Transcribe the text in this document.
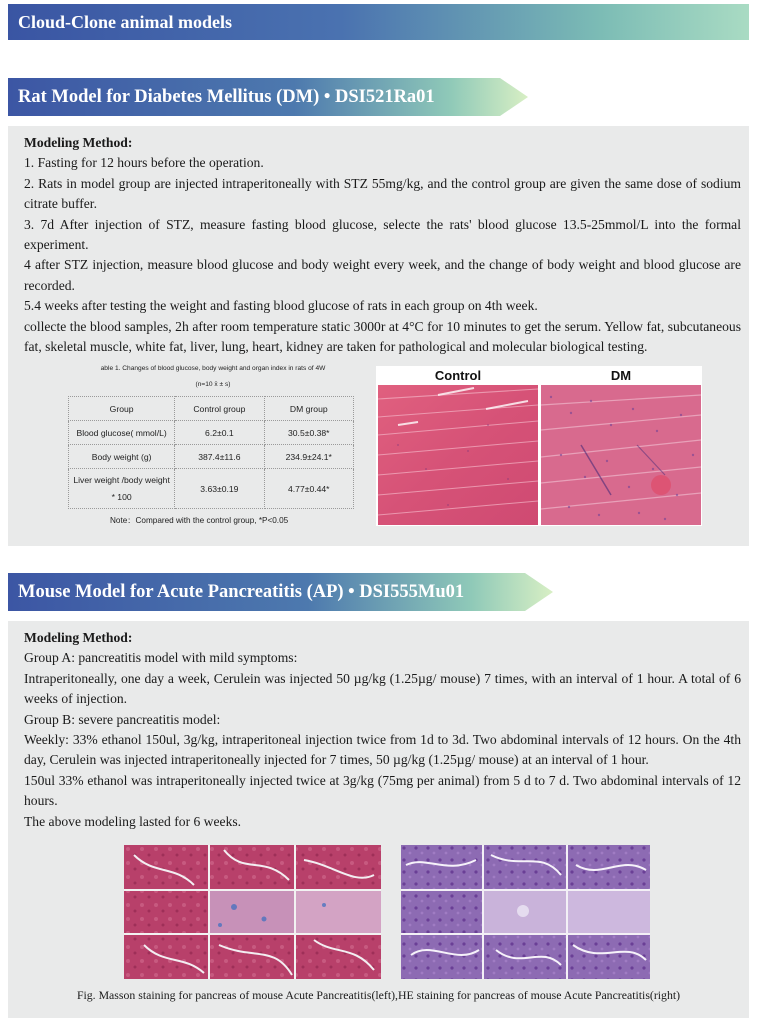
Cloud-Clone animal models
Rat Model for Diabetes Mellitus (DM) • DSI521Ra01

Modeling Method:

1. Fasting for 12 hours before the operation.

2. Rats in model group are injected intraperitoneally with STZ 55mg/kg, and the control group are given the same dose of sodium citrate buffer.

3. 7d After injection of STZ, measure fasting blood glucose, selecte the rats' blood glucose 13.5-25mmol/L into the formal experiment.

4 after STZ injection, measure blood glucose and body weight every week, and the change of body weight and blood glucose are recorded.

5.4 weeks after testing the weight and fasting blood glucose of rats in each group on 4th week.

collecte the blood samples, 2h after room temperature static 3000r at 4°C for 10 minutes to get the serum. Yellow fat, subcutaneous fat, skeletal muscle, white fat, liver, lung, heart, kidney are taken for pathological and molecular biological testing.

able 1. Changes of blood glucose, body weight and organ index in rats of 4W
(n=10 x̄ ± s)
Group	Control group	DM group
Blood glucose( mmol/L)	6.2±0.1	30.5±0.38*
Body weight (g)	387.4±11.6	234.9±24.1*
Liver weight /body weight * 100	3.63±0.19	4.77±0.44*
Note：Compared with the control group, *P<0.05
Control	DM
Mouse Model for Acute Pancreatitis (AP) • DSI555Mu01

Modeling Method:

Group A: pancreatitis model with mild symptoms:

Intraperitoneally, one day a week, Cerulein was injected 50 µg/kg (1.25µg/ mouse) 7 times, with an interval of 1 hour. A total of 6 weeks of injection.

Group B: severe pancreatitis model:

Weekly: 33% ethanol 150ul, 3g/kg, intraperitoneal injection twice from 1d to 3d. Two abdominal intervals of 12 hours. On the 4th day, Cerulein was injected intraperitoneally injected for 7 times, 50 µg/kg (1.25µg/ mouse) at an interval of 1 hour.

150ul 33% ethanol was intraperitoneally injected twice at 3g/kg (75mg per animal) from 5 d to 7 d. Two abdominal intervals of 12 hours.

The above modeling lasted for 6 weeks.

Fig. Masson staining for pancreas of mouse Acute Pancreatitis(left),HE staining for pancreas of mouse Acute Pancreatitis(right)
